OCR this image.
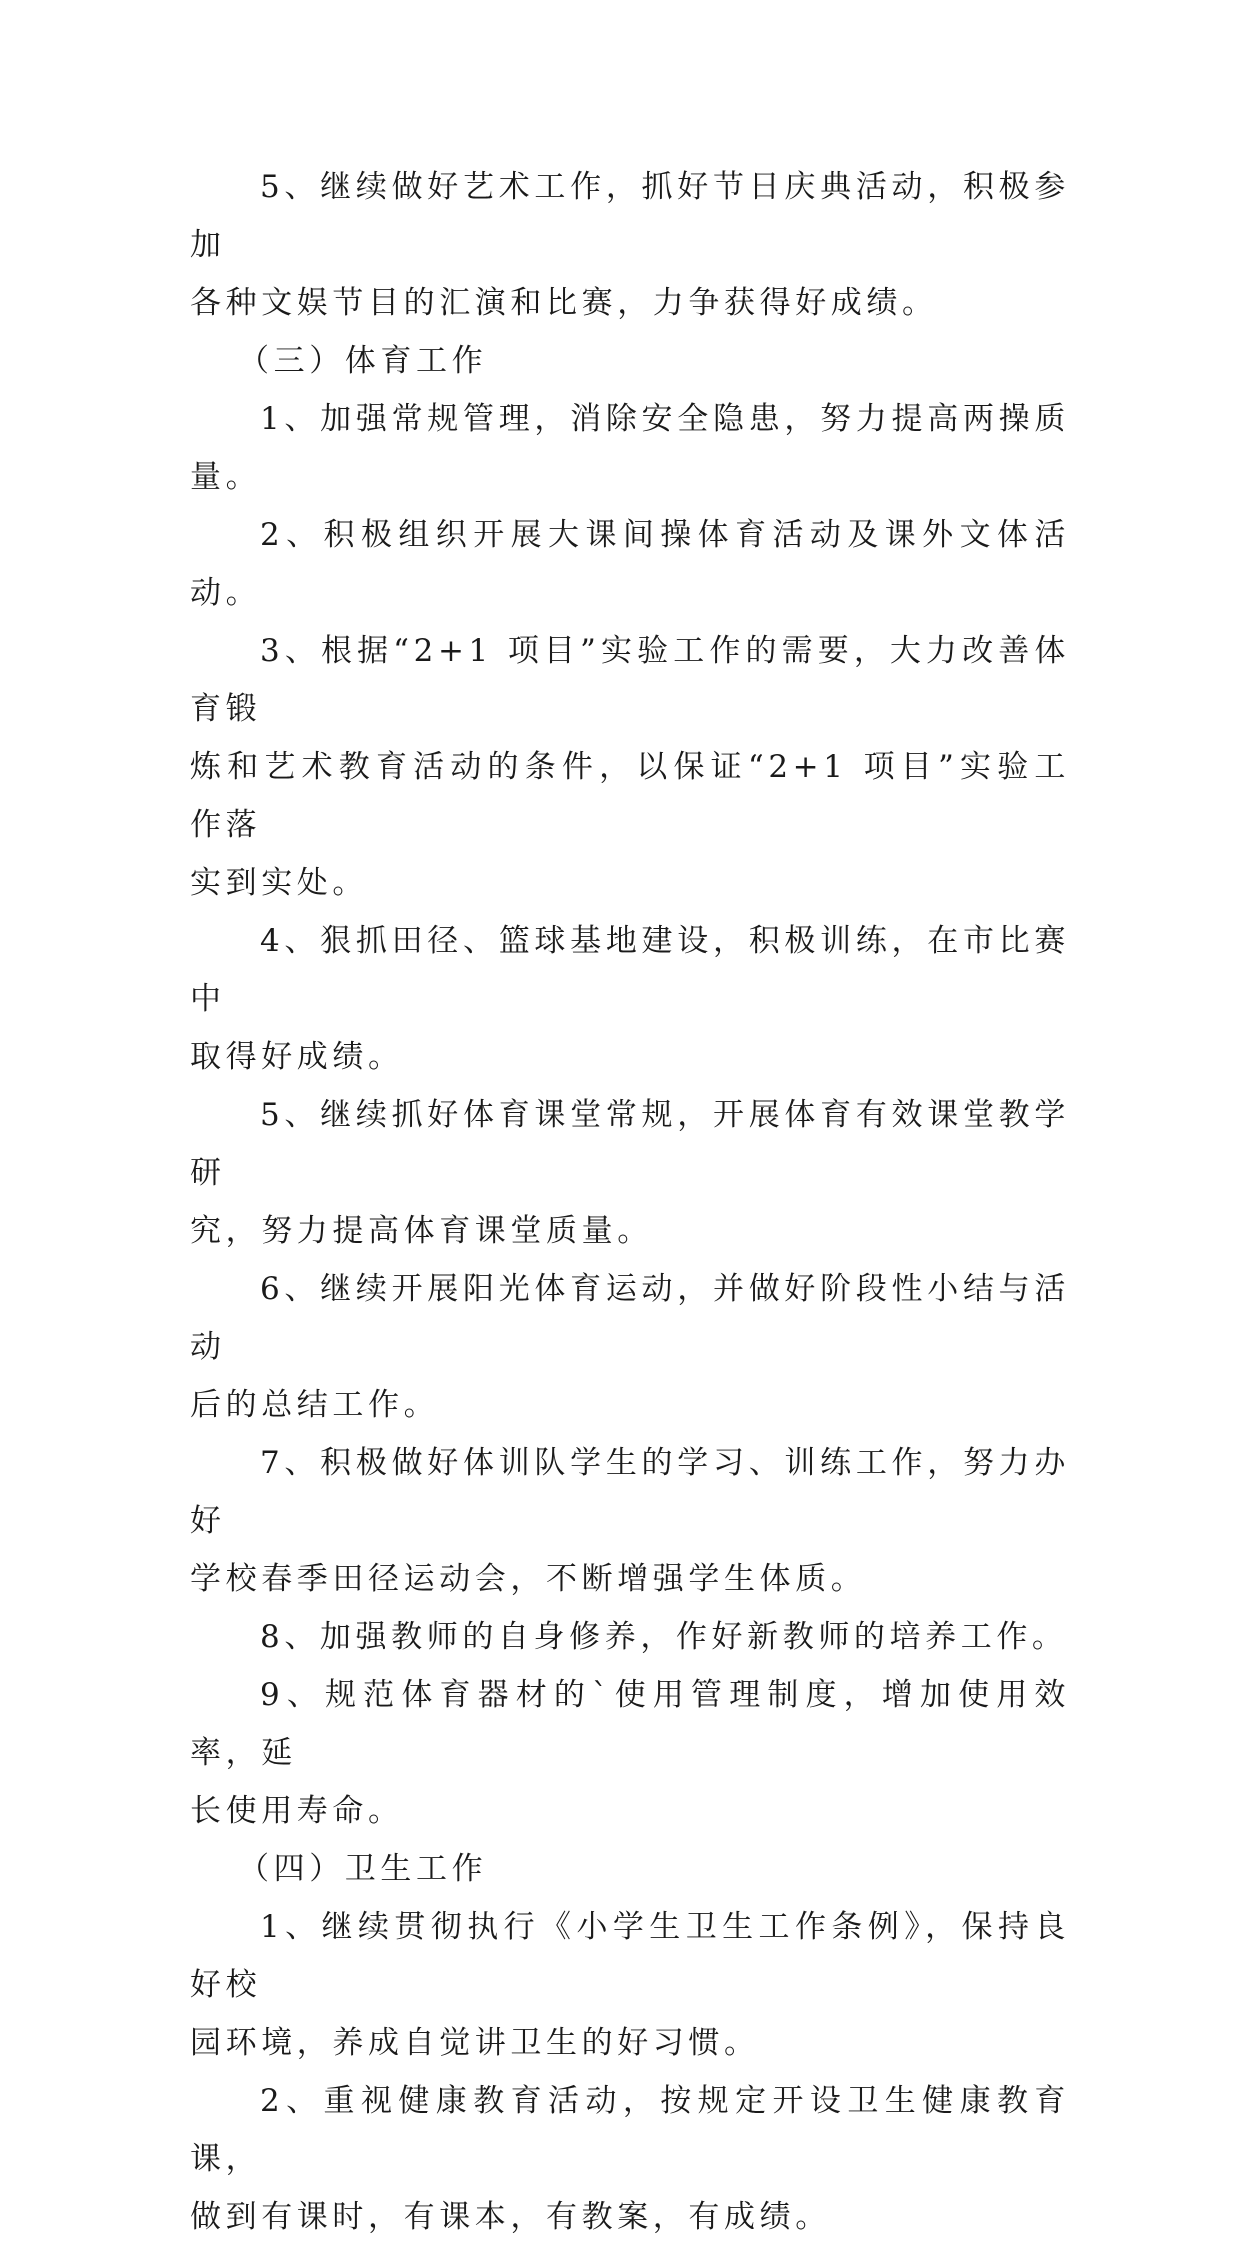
5、继续做好艺术工作，抓好节日庆典活动，积极参加
各种文娱节目的汇演和比赛，力争获得好成绩。

（三）体育工作

1、加强常规管理，消除安全隐患，努力提高两操质量。
2、积极组织开展大课间操体育活动及课外文体活动。
3、根据“2+1 项目”实验工作的需要，大力改善体育锻
炼和艺术教育活动的条件，以保证“2+1 项目”实验工作落
实到实处。
4、狠抓田径、篮球基地建设，积极训练，在市比赛中
取得好成绩。
5、继续抓好体育课堂常规，开展体育有效课堂教学研
究，努力提高体育课堂质量。
6、继续开展阳光体育运动，并做好阶段性小结与活动
后的总结工作。
7、积极做好体训队学生的学习、训练工作，努力办好
学校春季田径运动会，不断增强学生体质。
8、加强教师的自身修养，作好新教师的培养工作。
9、规范体育器材的`使用管理制度，增加使用效率，延
长使用寿命。

（四）卫生工作

1、继续贯彻执行《小学生卫生工作条例》，保持良好校
园环境，养成自觉讲卫生的好习惯。
2、重视健康教育活动，按规定开设卫生健康教育课，
做到有课时，有课本，有教案，有成绩。
